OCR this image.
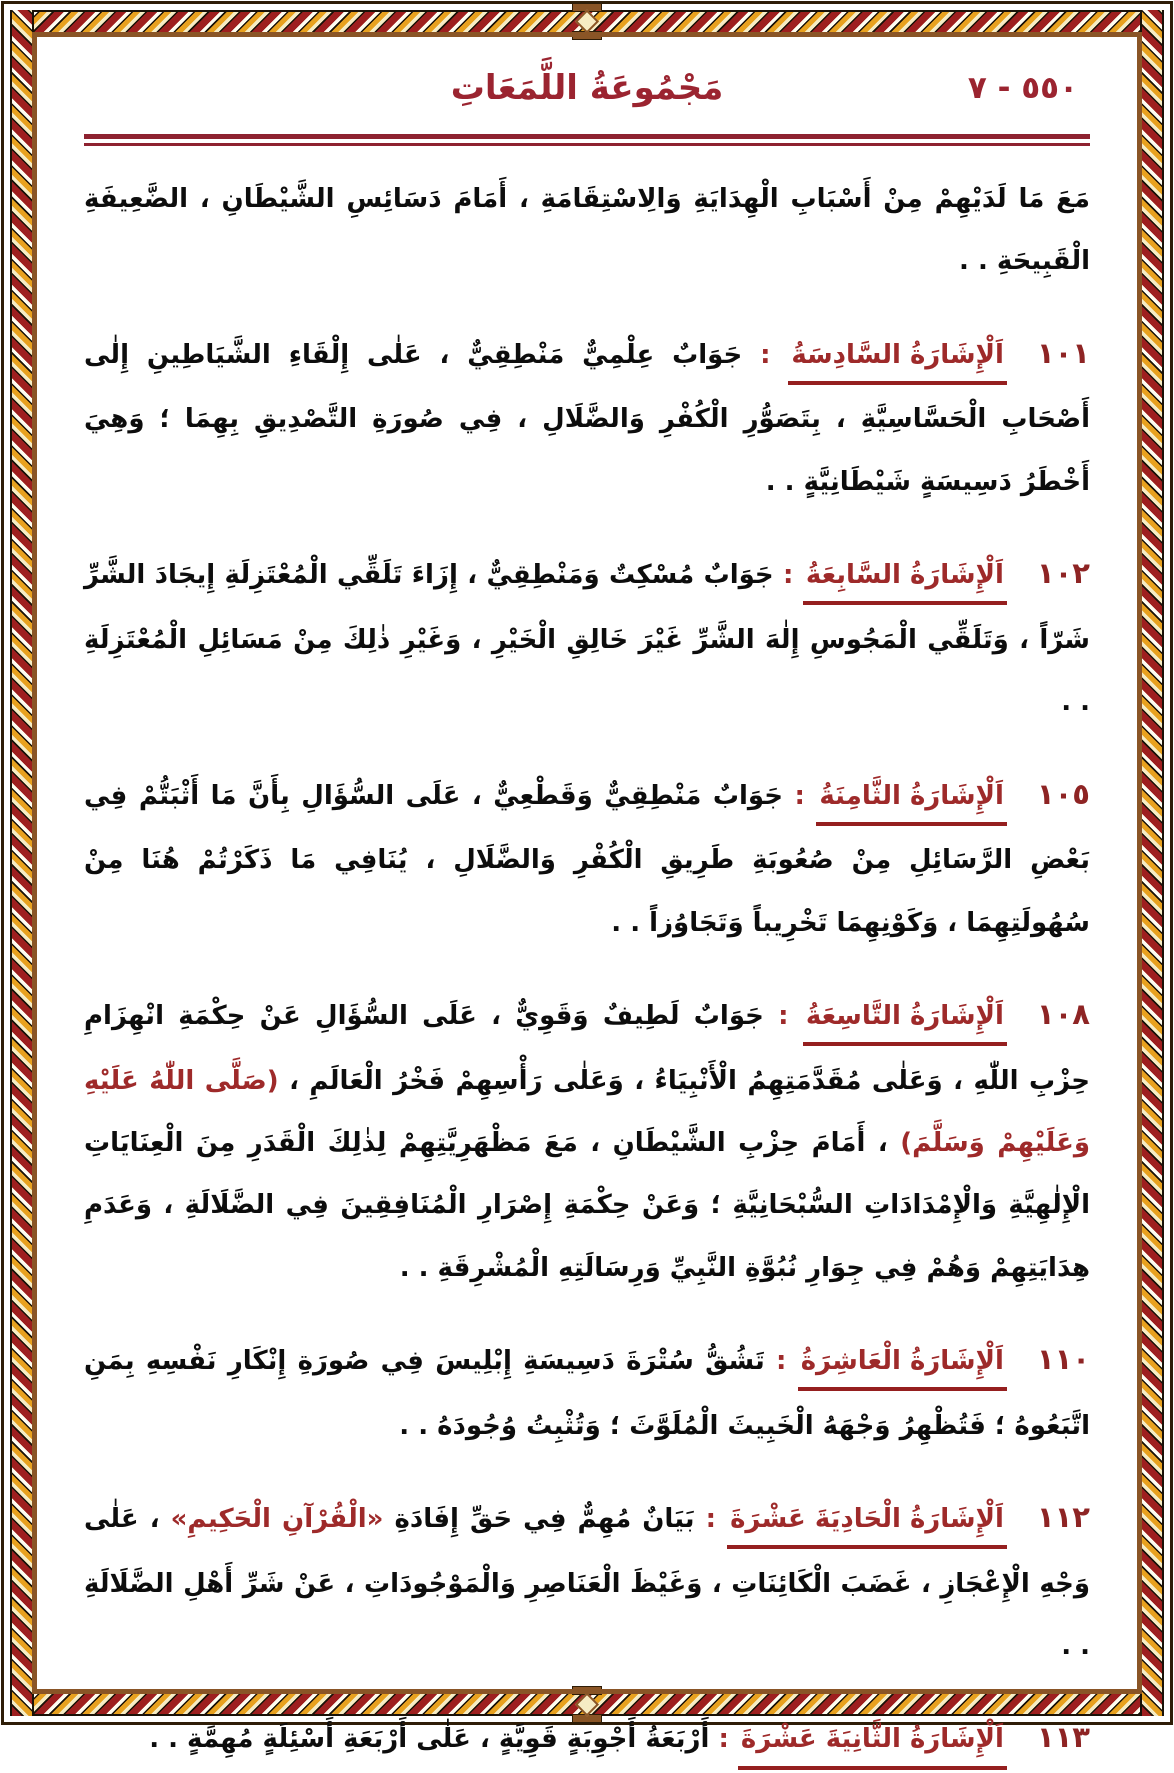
٥٥٠ - ٧
مَجْمُوعَةُ اللَّمَعَاتِ

مَعَ مَا لَدَيْهِمْ مِنْ أَسْبَابِ الْهِدَايَةِ وَالِاسْتِقَامَةِ ، أَمَامَ دَسَائِسِ الشَّيْطَانِ ، الضَّعِيفَةِ الْقَبِيحَةِ . .

١٠١اَلْإِشَارَةُ السَّادِسَةُ : جَوَابٌ عِلْمِيٌّ مَنْطِقِيٌّ ، عَلٰى إِلْقَاءِ الشَّيَاطِينِ إِلٰى أَصْحَابِ الْحَسَّاسِيَّةِ ، بِتَصَوُّرِ الْكُفْرِ وَالضَّلَالِ ، فِي صُورَةِ التَّصْدِيقِ بِهِمَا ؛ وَهِيَ أَخْطَرُ دَسِيسَةٍ شَيْطَانِيَّةٍ . .

١٠٢اَلْإِشَارَةُ السَّابِعَةُ : جَوَابٌ مُسْكِتٌ وَمَنْطِقِيٌّ ، إِزَاءَ تَلَقِّي الْمُعْتَزِلَةِ إِيجَادَ الشَّرِّ شَرّاً ، وَتَلَقِّي الْمَجُوسِ إِلٰهَ الشَّرِّ غَيْرَ خَالِقِ الْخَيْرِ ، وَغَيْرِ ذٰلِكَ مِنْ مَسَائِلِ الْمُعْتَزِلَةِ . .

١٠٥اَلْإِشَارَةُ الثَّامِنَةُ : جَوَابٌ مَنْطِقِيٌّ وَقَطْعِيٌّ ، عَلَى السُّؤَالِ بِأَنَّ مَا أَثْبَتُّمْ فِي بَعْضِ الرَّسَائِلِ مِنْ صُعُوبَةِ طَرِيقِ الْكُفْرِ وَالضَّلَالِ ، يُنَافِي مَا ذَكَرْتُمْ هُنَا مِنْ سُهُولَتِهِمَا ، وَكَوْنِهِمَا تَخْرِيباً وَتَجَاوُزاً . .

١٠٨اَلْإِشَارَةُ التَّاسِعَةُ : جَوَابٌ لَطِيفٌ وَقَوِيٌّ ، عَلَى السُّؤَالِ عَنْ حِكْمَةِ انْهِزَامِ حِزْبِ اللّٰهِ ، وَعَلٰى مُقَدَّمَتِهِمُ الْأَنْبِيَاءُ ، وَعَلٰى رَأْسِهِمْ فَخْرُ الْعَالَمِ ، (صَلَّى اللّٰهُ عَلَيْهِ وَعَلَيْهِمْ وَسَلَّمَ) ، أَمَامَ حِزْبِ الشَّيْطَانِ ، مَعَ مَظْهَرِيَّتِهِمْ لِذٰلِكَ الْقَدَرِ مِنَ الْعِنَايَاتِ الْإِلٰهِيَّةِ وَالْإِمْدَادَاتِ السُّبْحَانِيَّةِ ؛ وَعَنْ حِكْمَةِ إِصْرَارِ الْمُنَافِقِينَ فِي الضَّلَالَةِ ، وَعَدَمِ هِدَايَتِهِمْ وَهُمْ فِي جِوَارِ نُبُوَّةِ النَّبِيِّ وَرِسَالَتِهِ الْمُشْرِقَةِ . .

١١٠اَلْإِشَارَةُ الْعَاشِرَةُ : تَشُقُّ سُتْرَةَ دَسِيسَةِ إِبْلِيسَ فِي صُورَةِ إِنْكَارِ نَفْسِهِ بِمَنِ اتَّبَعُوهُ ؛ فَتُظْهِرُ وَجْهَهُ الْخَبِيثَ الْمُلَوَّثَ ؛ وَتُثْبِتُ وُجُودَهُ . .

١١٢اَلْإِشَارَةُ الْحَادِيَةَ عَشْرَةَ : بَيَانٌ مُهِمٌّ فِي حَقِّ إِفَادَةِ «الْقُرْآنِ الْحَكِيمِ» ، عَلٰى وَجْهِ الْإِعْجَازِ ، غَضَبَ الْكَائِنَاتِ ، وَغَيْظَ الْعَنَاصِرِ وَالْمَوْجُودَاتِ ، عَنْ شَرِّ أَهْلِ الضَّلَالَةِ . .

١١٣اَلْإِشَارَةُ الثَّانِيَةَ عَشْرَةَ : أَرْبَعَةُ أَجْوِبَةٍ قَوِيَّةٍ ، عَلٰى أَرْبَعَةِ أَسْئِلَةٍ مُهِمَّةٍ . .
